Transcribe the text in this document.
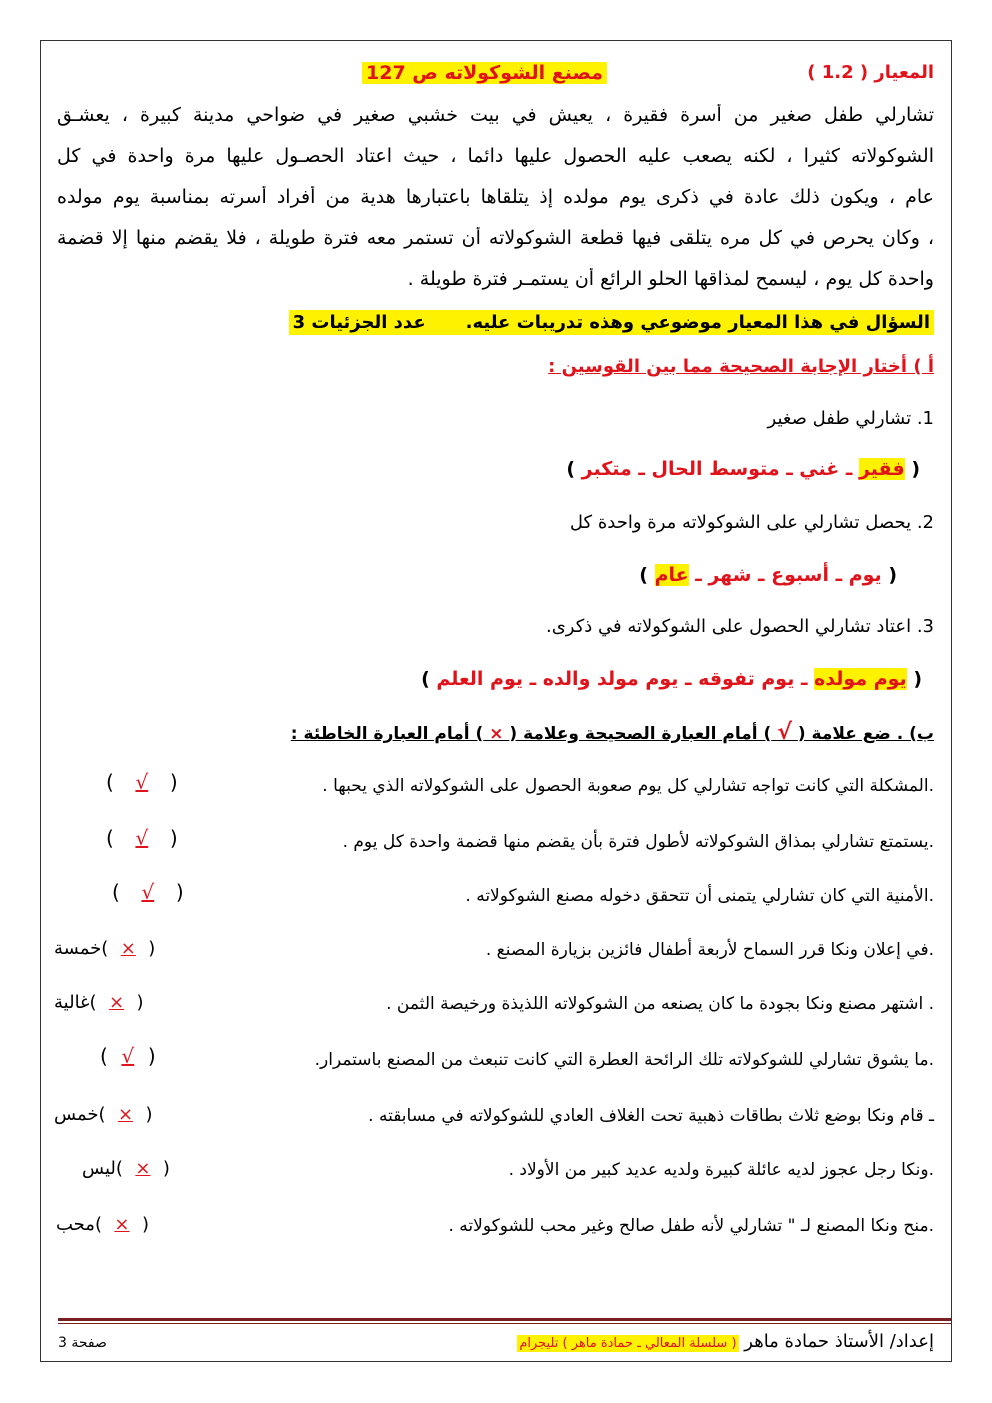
المعيار ( 1.2 )
مصنع الشوكولاته ص 127
تشارلي طفل صغير من أسرة فقيرة ، يعيش في بيت خشبي صغير في ضواحي مدينة كبيرة ، يعشـق
الشوكولاته كثيرا ، لكنه يصعب عليه الحصول عليها دائما ، حيث اعتاد الحصـول عليها مرة واحدة في كل
عام ، ويكون ذلك عادة في ذكرى يوم مولده إذ يتلقاها باعتبارها هدية من أفراد أسرته بمناسبة يوم مولده
، وكان يحرص في كل مره يتلقى فيها قطعة الشوكولاته أن تستمر معه فترة طويلة ، فلا يقضم منها إلا قضمة
واحدة كل يوم ، ليسمح لمذاقها الحلو الرائع أن يستمـر فترة طويلة .
السؤال في هذا المعيار موضوعي وهذه تدريبات عليه.عدد الجزئيات 3
أ ) أختار الإجابة الصحيحة مما بين القوسين :
1. تشارلي طفل صغير
( فقير ـ غني ـ متوسط الحال ـ متكبر )
2. يحصل تشارلي على الشوكولاته مرة واحدة كل
( يوم ـ أسبوع ـ شهر ـ عام )
3. اعتاد تشارلي الحصول على الشوكولاته في ذكرى.
( يوم مولده ـ يوم تفوقه ـ يوم مولد والده ـ يوم العلم )
ب) . ضع علامة ( √ ) أمام العبارة الصحيحة وعلامة ( × ) أمام العبارة الخاطئة :
.المشكلة التي كانت تواجه تشارلي كل يوم صعوبة الحصول على الشوكولاته الذي يحبها .
( √ )
.يستمتع تشارلي بمذاق الشوكولاته لأطول فترة بأن يقضم منها قضمة واحدة كل يوم .
( √ )
.الأمنية التي كان تشارلي يتمنى أن تتحقق دخوله مصنع الشوكولاته .
( √ )
.في إعلان ونكا قرر السماح لأربعة أطفال فائزين بزيارة المصنع .
(×)خمسة
. اشتهر مصنع ونكا بجودة ما كان يصنعه من الشوكولاته اللذيذة ورخيصة الثمن .
(×)غالية
.ما يشوق تشارلي للشوكولاته تلك الرائحة العطرة التي كانت تنبعث من المصنع باستمرار.
( √ )
ـ قام ونكا بوضع ثلاث بطاقات ذهبية تحت الغلاف العادي للشوكولاته في مسابقته .
(×)خمس
.ونكا رجل عجوز لديه عائلة كبيرة ولديه عديد كبير من الأولاد .
(×)ليس
.منح ونكا المصنع لـ " تشارلي لأنه طفل صالح وغير محب للشوكولاته .
(×)محب
إعداد/ الأستاذ حمادة ماهر ( سلسلة المعالي ـ حمادة ماهر ) تليجرام
صفحة 3
